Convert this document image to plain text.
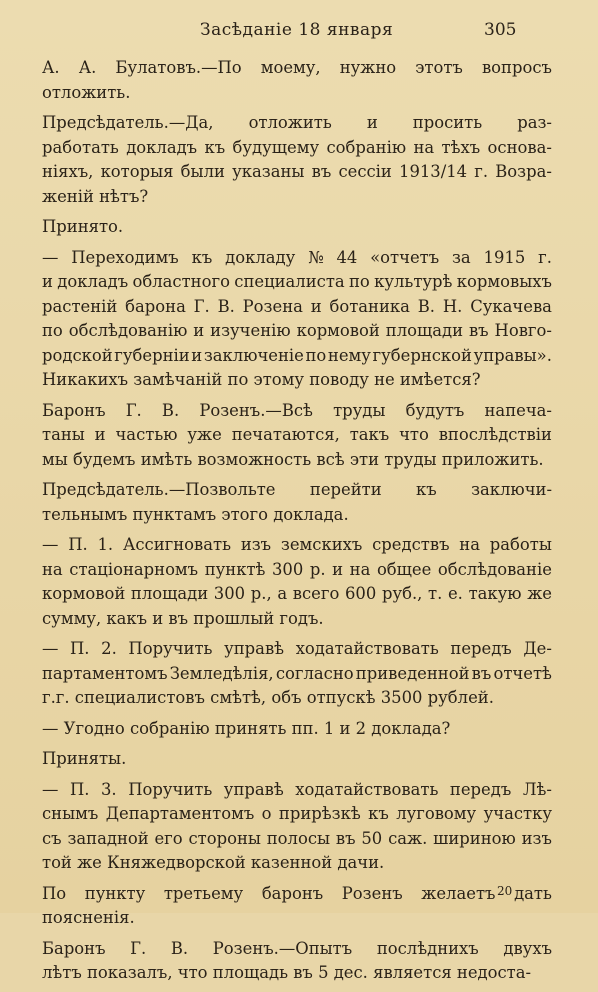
Засѣданіе 18 января	305
А. А. Булатовъ.—По моему, нужно этотъ вопросъ
отложить.
Предсѣдатель.—Да, отложить и просить раз-
работать докладъ къ будущему собранію на тѣхъ основа-
ніяхъ, которыя были указаны въ сессіи 1913/14 г. Возра-
женій нѣтъ?
Принято.
— Переходимъ къ докладу № 44 «отчетъ за 1915 г.
и докладъ областного специалиста по культурѣ кормовыхъ
растеній барона Г. В. Розена и ботаника В. Н. Сукачева
по обслѣдованію и изученію кормовой площади въ Новго-
родской губерніи и заключеніе по нему губернской управы».
Никакихъ замѣчаній по этому поводу не имѣется?
Баронъ Г. В. Розенъ.—Всѣ труды будутъ напеча-
таны и частью уже печатаются, такъ что впослѣдствіи
мы будемъ имѣть возможность всѣ эти труды приложить.
Предсѣдатель.—Позвольте перейти къ заключи-
тельнымъ пунктамъ этого доклада.
— П. 1. Ассигновать изъ земскихъ средствъ на работы
на стаціонарномъ пунктѣ 300 р. и на общее обслѣдованіе
кормовой площади 300 р., а всего 600 руб., т. е. такую же
сумму, какъ и въ прошлый годъ.
— П. 2. Поручить управѣ ходатайствовать передъ Де-
партаментомъ Земледѣлія, согласно приведенной въ отчетѣ
г.г. специалистовъ смѣтѣ, объ отпускѣ 3500 рублей.
— Угодно собранію принять пп. 1 и 2 доклада?
Приняты.
— П. 3. Поручить управѣ ходатайствовать передъ Лѣ-
снымъ Департаментомъ о прирѣзкѣ къ луговому участку
съ западной его стороны полосы въ 50 саж. шириною изъ
той же Княжедворской казенной дачи.
По пункту третьему баронъ Розенъ желаетъ дать
поясненія.
Баронъ Г. В. Розенъ.—Опытъ послѣднихъ двухъ
лѣтъ показалъ, что площадь въ 5 дес. является недоста-
20
